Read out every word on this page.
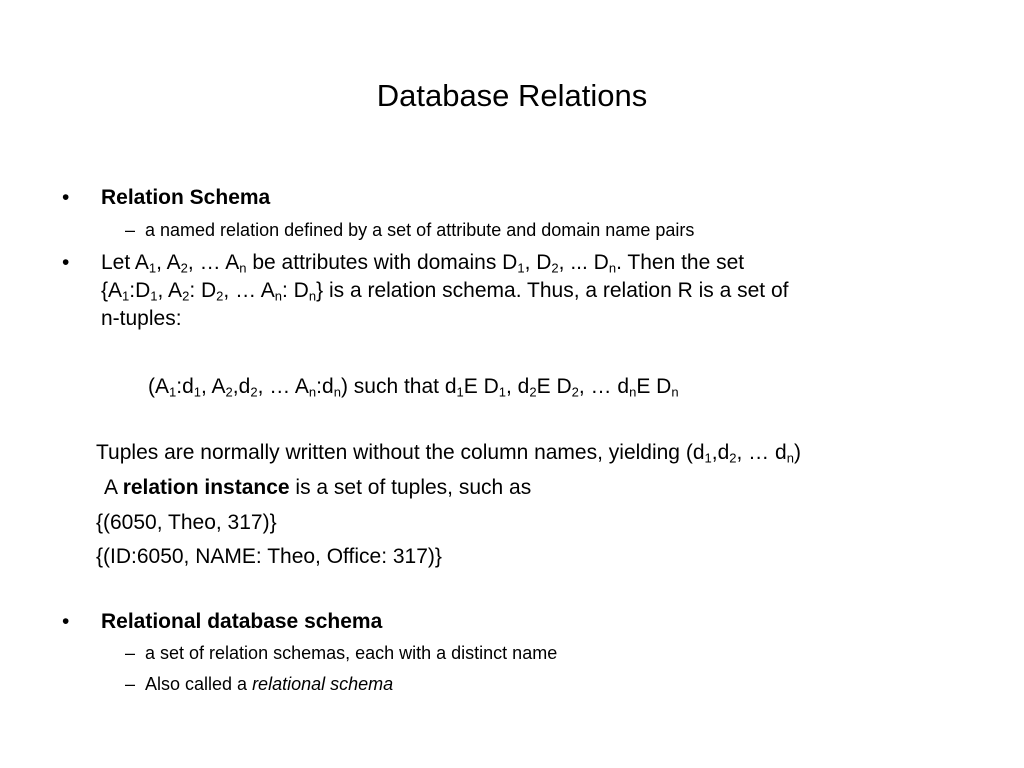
Database Relations
• Relation Schema
– a named relation defined by a set of attribute and domain name pairs
• Let $A_1$, $A_2$, … $A_n$ be attributes with domains $D_1$, $D_2$, ... $D_n$. Then the set
{$A_1:D_1$, $A_2$: $D_2$, … $A_n$: $D_n$} is a relation schema. Thus, a relation R is a set of
n-tuples:
($A_1:d_1$, $A_2,d_2$, … $A_n:d_n$) such that $d_1E$ $D_1$, $d_2E$ $D_2$, … $d_nE$ $D_n$
Tuples are normally written without the column names, yielding ($d_1,d_2$, … $d_n$)
A relation instance is a set of tuples, such as
{(6050, Theo, 317)}
{(ID:6050, NAME: Theo, Office: 317)}
• Relational database schema
– a set of relation schemas, each with a distinct name
– Also called a relational schema
